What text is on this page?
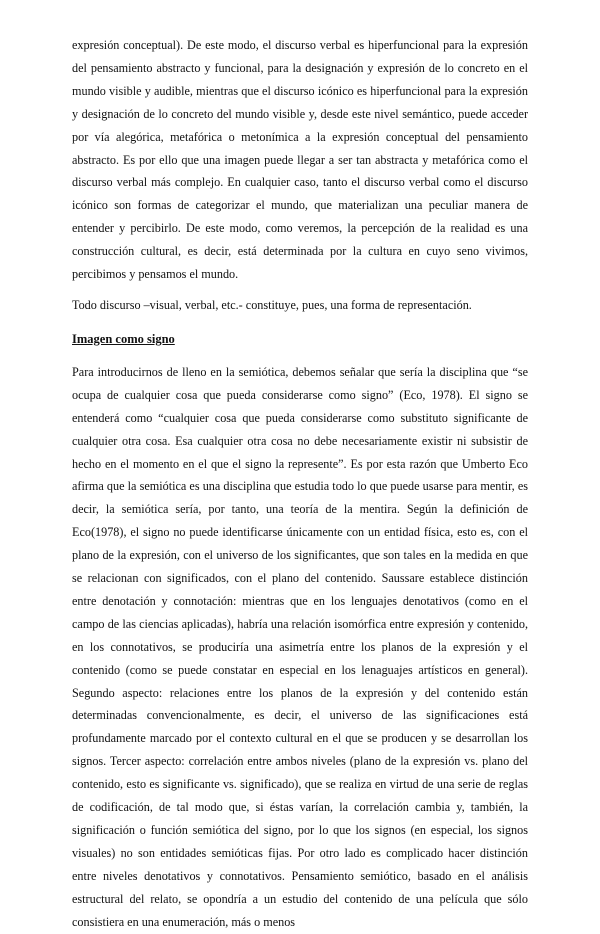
expresión conceptual). De este modo, el discurso verbal es hiperfuncional para la expresión del pensamiento abstracto y funcional, para la designación y expresión de lo concreto en el mundo visible y audible, mientras que el discurso icónico es hiperfuncional para la expresión y designación de lo concreto del mundo visible y, desde este nivel semántico, puede acceder por vía alegórica, metafórica o metonímica a la expresión conceptual del pensamiento abstracto. Es por ello que una imagen puede llegar a ser tan abstracta y metafórica como el discurso verbal más complejo. En cualquier caso, tanto el discurso verbal como el discurso icónico son formas de categorizar el mundo, que materializan una peculiar manera de entender y percibirlo. De este modo, como veremos, la percepción de la realidad es una construcción cultural, es decir, está determinada por la cultura en cuyo seno vivimos, percibimos y pensamos el mundo.

Todo discurso –visual, verbal, etc.- constituye, pues, una forma de representación.

Imagen como signo

Para introducirnos de lleno en la semiótica, debemos señalar que sería la disciplina que “se ocupa de cualquier cosa que pueda considerarse como signo” (Eco, 1978). El signo se entenderá como “cualquier cosa que pueda considerarse como substituto significante de cualquier otra cosa. Esa cualquier otra cosa no debe necesariamente existir ni subsistir de hecho en el momento en el que el signo la represente”. Es por esta razón que Umberto Eco afirma que la semiótica es una disciplina que estudia todo lo que puede usarse para mentir, es decir, la semiótica sería, por tanto, una teoría de la mentira. Según la definición de Eco(1978), el signo no puede identificarse únicamente con un entidad física, esto es, con el plano de la expresión, con el universo de los significantes, que son tales en la medida en que se relacionan con significados, con el plano del contenido. Saussare establece distinción entre denotación y connotación: mientras que en los lenguajes denotativos (como en el campo de las ciencias aplicadas), habría una relación isomórfica entre expresión y contenido, en los connotativos, se produciría una asimetría entre los planos de la expresión y el contenido (como se puede constatar en especial en los lenaguajes artísticos en general). Segundo aspecto: relaciones entre los planos de la expresión y del contenido están determinadas convencionalmente, es decir, el universo de las significaciones está profundamente marcado por el contexto cultural en el que se producen y se desarrollan los signos. Tercer aspecto: correlación entre ambos niveles (plano de la expresión vs. plano del contenido, esto es significante vs. significado), que se realiza en virtud de una serie de reglas de codificación, de tal modo que, si éstas varían, la correlación cambia y, también, la significación o función semiótica del signo, por lo que los signos (en especial, los signos visuales) no son entidades semióticas fijas. Por otro lado es complicado hacer distinción entre niveles denotativos y connotativos. Pensamiento semiótico, basado en el análisis estructural del relato, se opondría a un estudio del contenido de una película que sólo consistiera en una enumeración, más o menos
